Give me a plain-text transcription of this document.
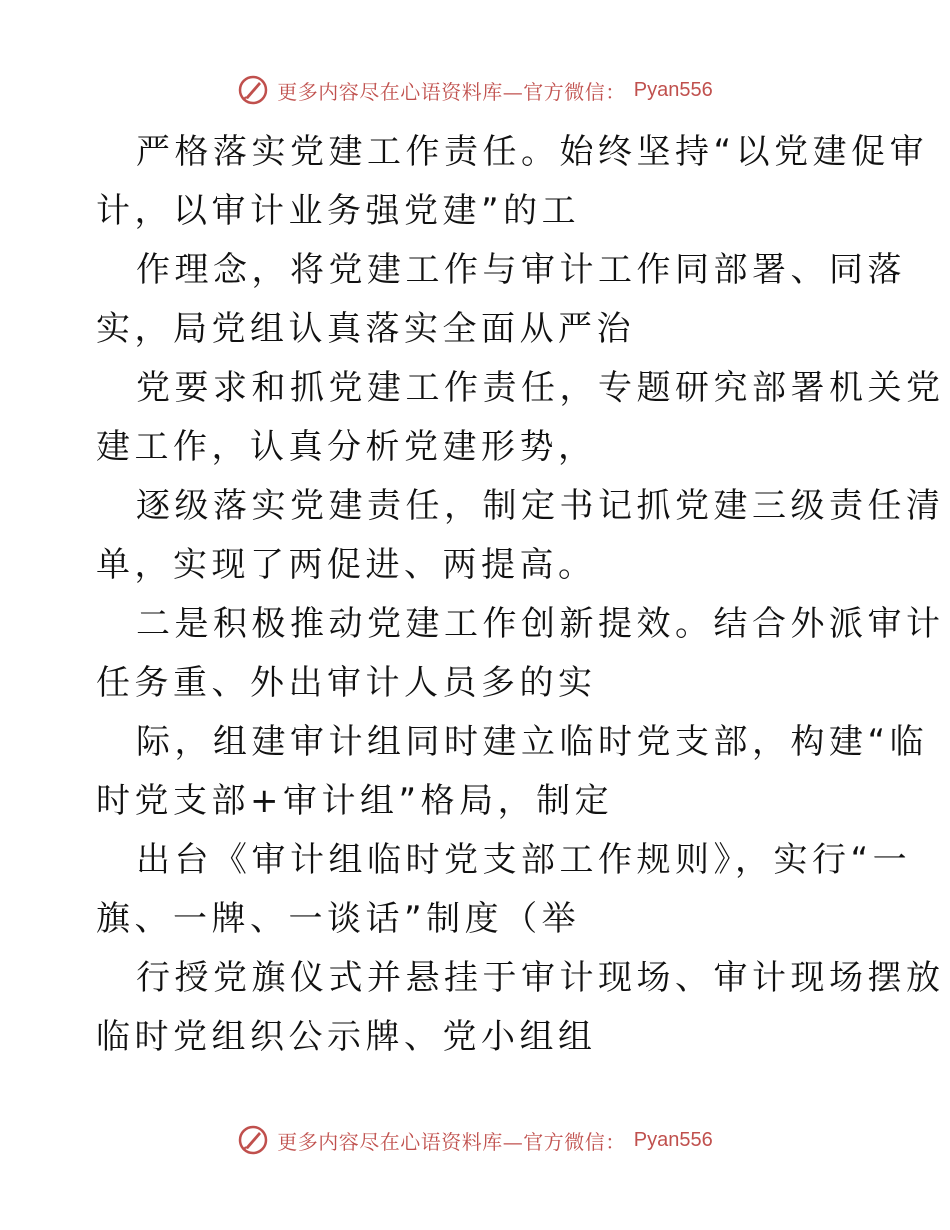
更多内容尽在心语资料库—官方微信： Pyan556
严格落实党建工作责任。始终坚持“以党建促审
计，以审计业务强党建”的工
作理念，将党建工作与审计工作同部署、同落
实，局党组认真落实全面从严治
党要求和抓党建工作责任，专题研究部署机关党
建工作，认真分析党建形势，
逐级落实党建责任，制定书记抓党建三级责任清
单，实现了两促进、两提高。
二是积极推动党建工作创新提效。结合外派审计
任务重、外出审计人员多的实
际，组建审计组同时建立临时党支部，构建“临
时党支部+审计组”格局，制定
出台《审计组临时党支部工作规则》，实行“一
旗、一牌、一谈话”制度（举
行授党旗仪式并悬挂于审计现场、审计现场摆放
临时党组织公示牌、党小组组
更多内容尽在心语资料库—官方微信： Pyan556
